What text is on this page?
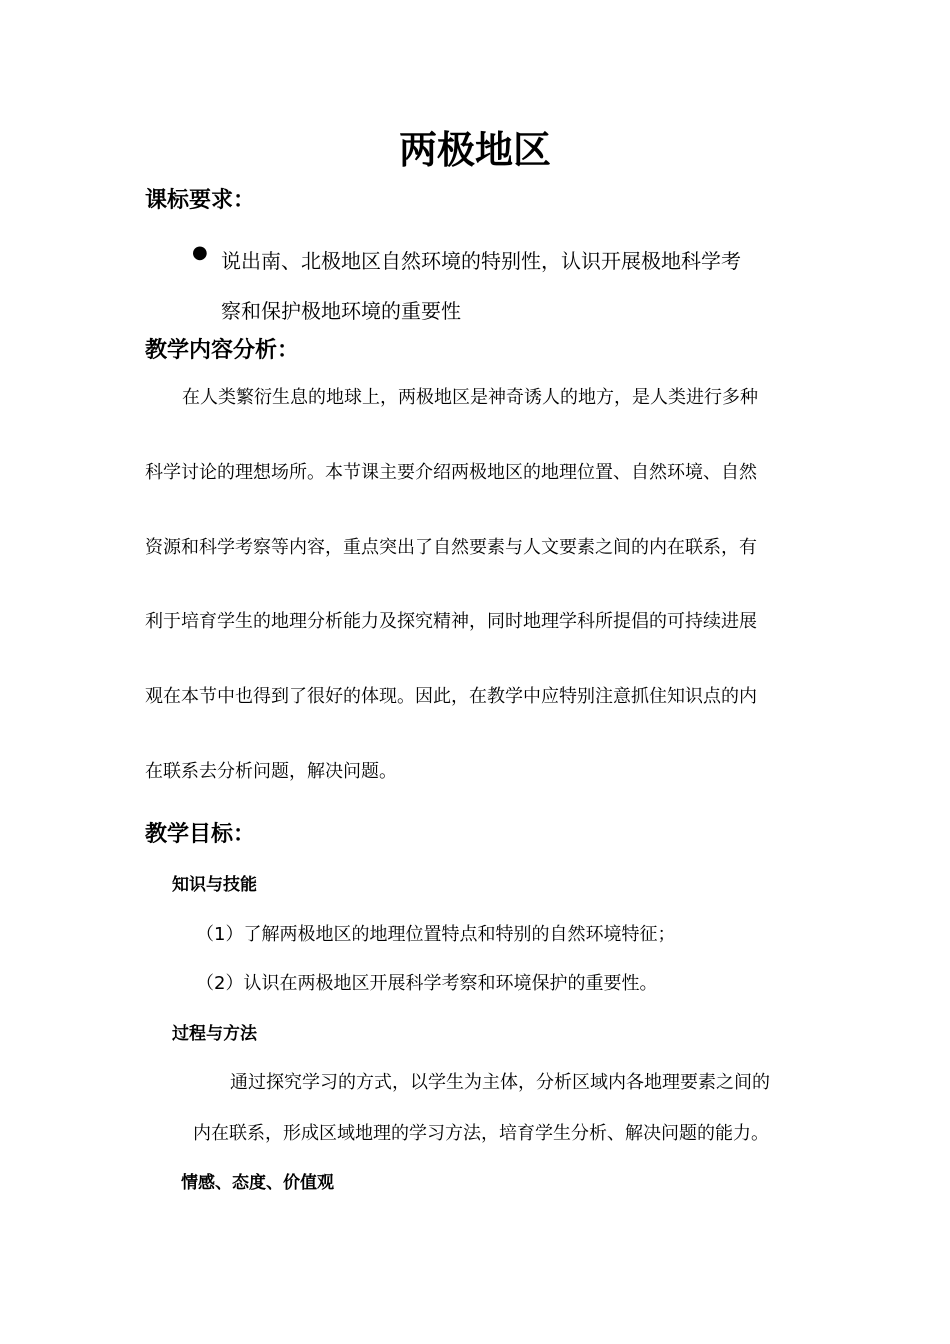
两极地区
课标要求：
● 说出南、北极地区自然环境的特别性，认识开展极地科学考
察和保护极地环境的重要性
教学内容分析：
在人类繁衍生息的地球上，两极地区是神奇诱人的地方，是人类进行多种
科学讨论的理想场所。本节课主要介绍两极地区的地理位置、自然环境、自然
资源和科学考察等内容，重点突出了自然要素与人文要素之间的内在联系，有
利于培育学生的地理分析能力及探究精神，同时地理学科所提倡的可持续进展
观在本节中也得到了很好的体现。因此，在教学中应特别注意抓住知识点的内
在联系去分析问题，解决问题。
教学目标：
知识与技能
（1）了解两极地区的地理位置特点和特别的自然环境特征；
（2）认识在两极地区开展科学考察和环境保护的重要性。
过程与方法
通过探究学习的方式，以学生为主体，分析区域内各地理要素之间的
内在联系，形成区域地理的学习方法，培育学生分析、解决问题的能力。
情感、态度、价值观
